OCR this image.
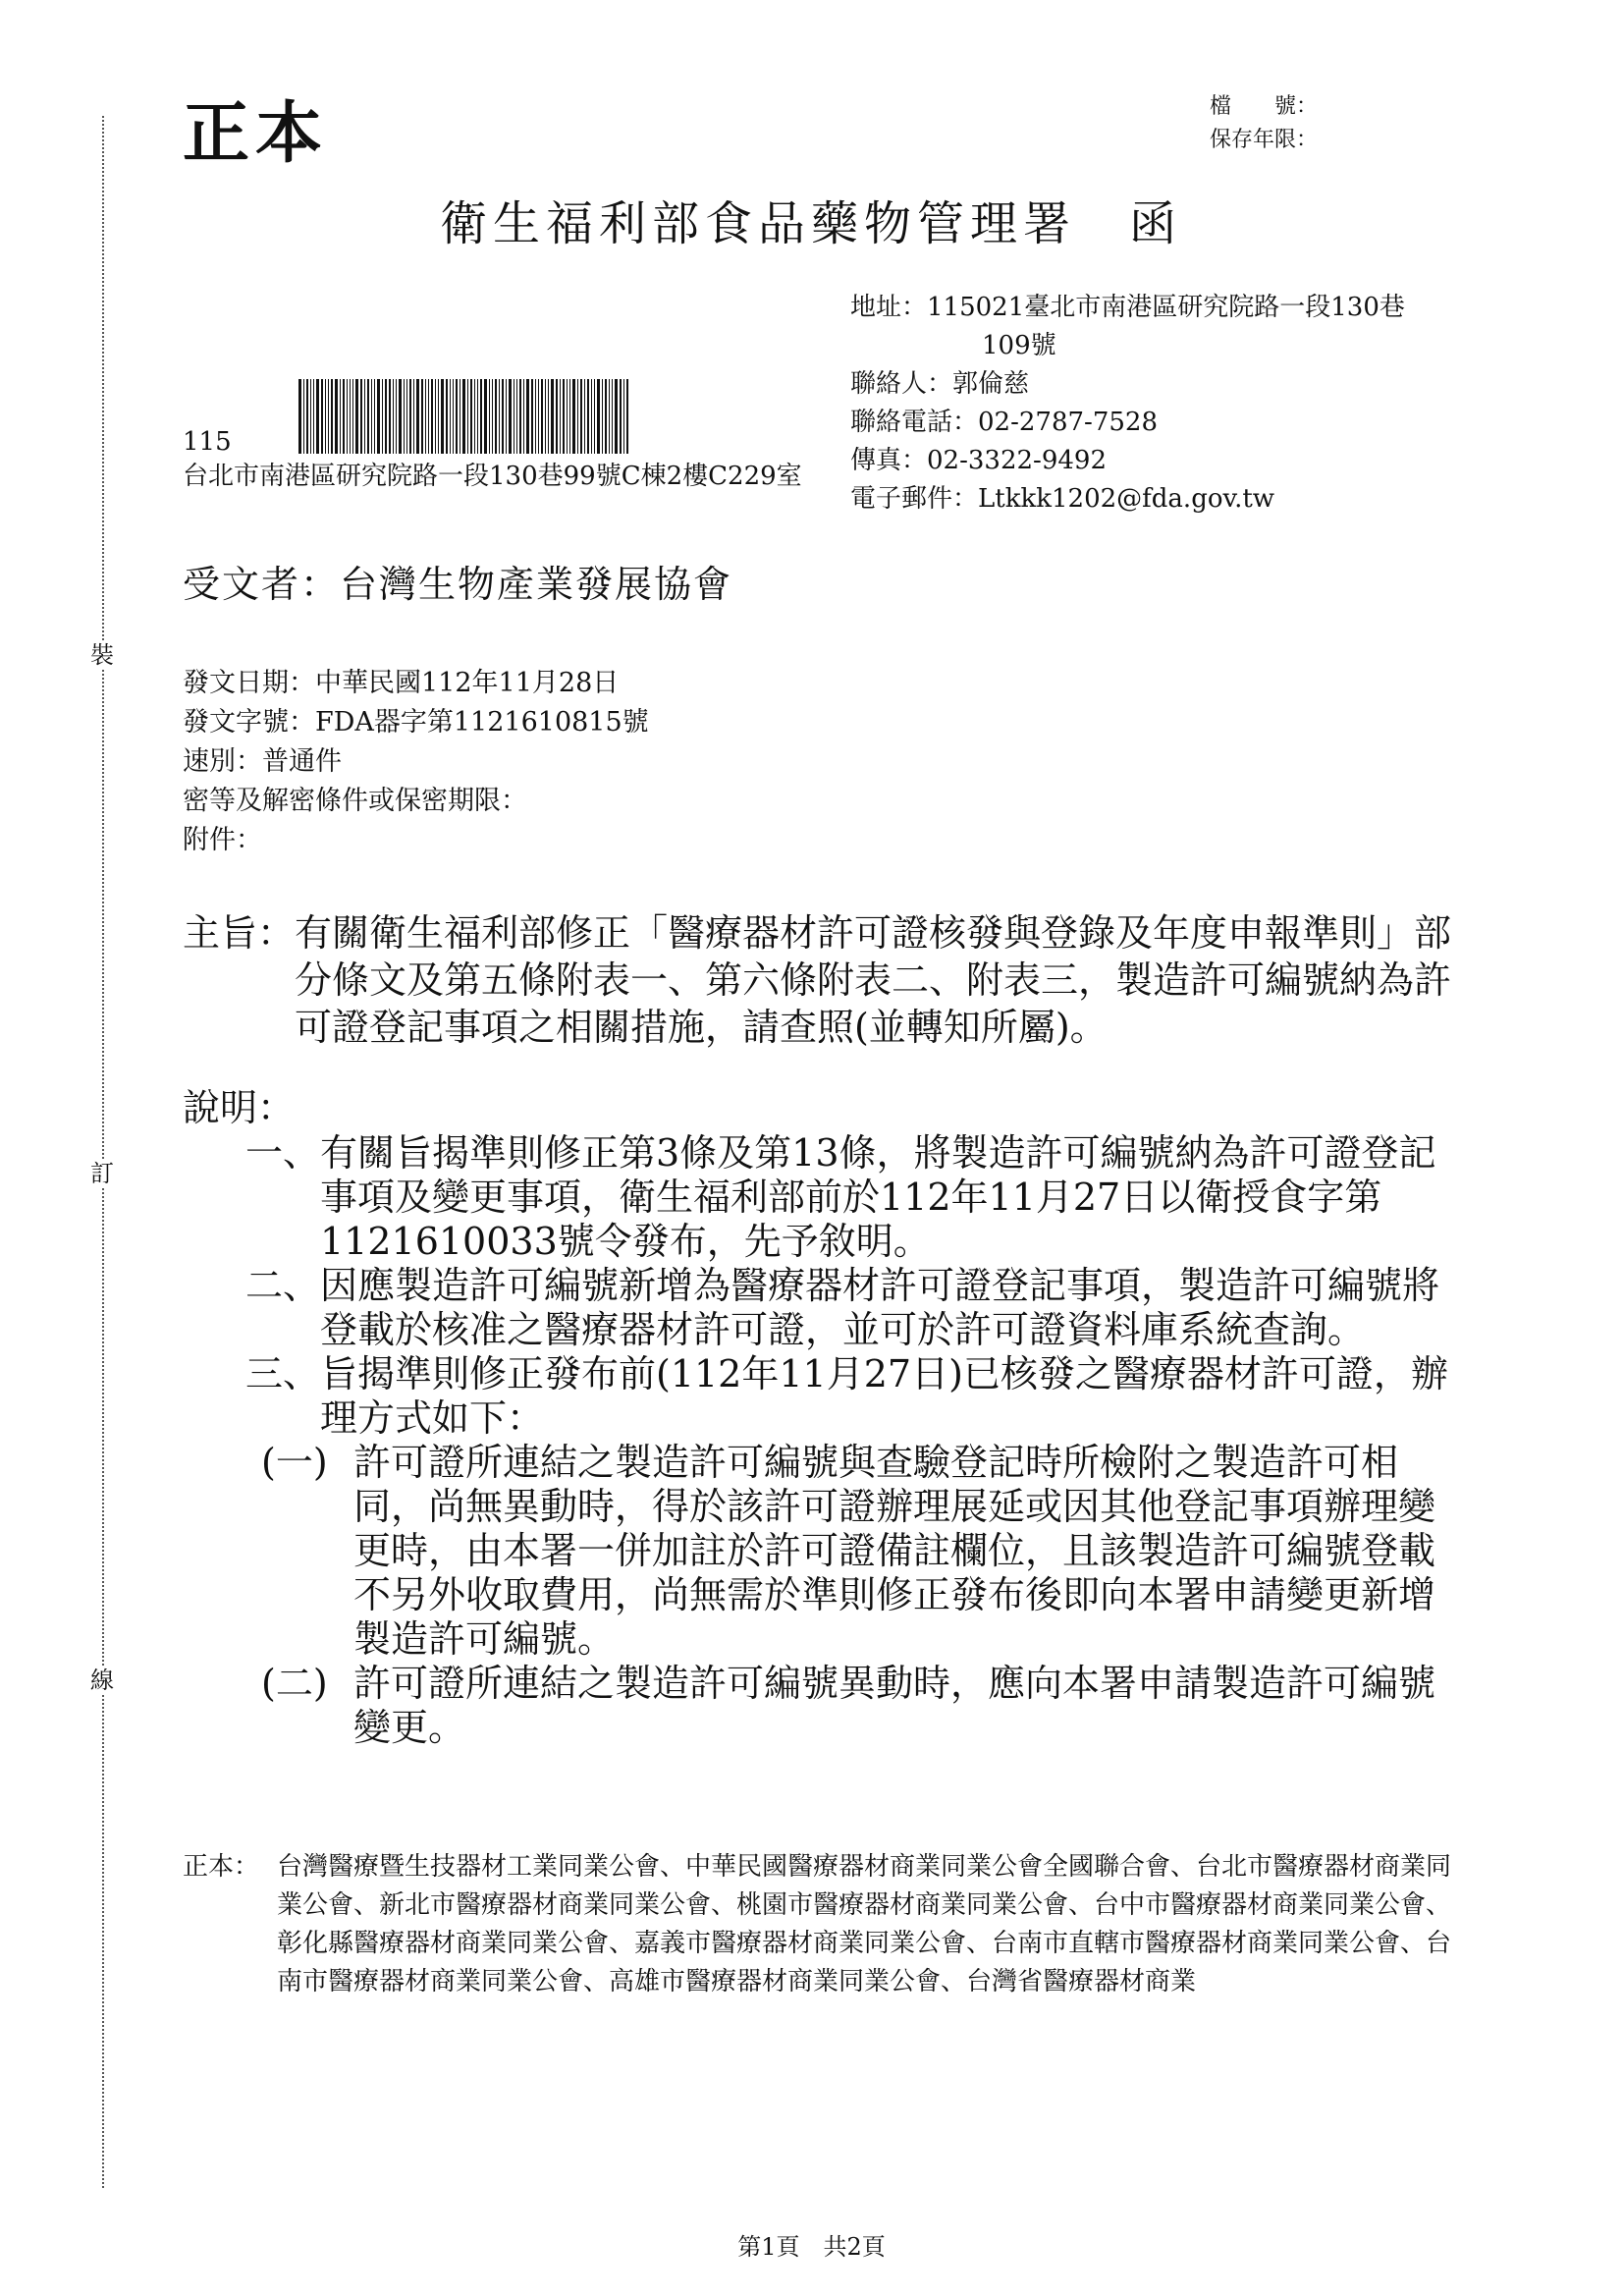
裝
訂
線
正本	檔　　號：
保存年限：
衛生福利部食品藥物管理署　函
地址： 115021臺北市南港區研究院路一段130巷
109號
聯絡人： 郭倫慈
聯絡電話： 02-2787-7528
傳真： 02-3322-9492
電子郵件： Ltkkk1202@fda.gov.tw
115
台北市南港區研究院路一段130巷99號C棟2樓C229室
受文者：台灣生物產業發展協會
發文日期：中華民國112年11月28日
發文字號：FDA器字第1121610815號
速別：普通件
密等及解密條件或保密期限：
附件：
主旨： 有關衛生福利部修正「醫療器材許可證核發與登錄及年度申報準則」部分條文及第五條附表一、第六條附表二、附表三，製造許可編號納為許可證登記事項之相關措施，請查照(並轉知所屬)。
說明：
一、 有關旨揭準則修正第3條及第13條，將製造許可編號納為許可證登記事項及變更事項，衛生福利部前於112年11月27日以衛授食字第1121610033號令發布，先予敘明。
二、 因應製造許可編號新增為醫療器材許可證登記事項，製造許可編號將登載於核准之醫療器材許可證，並可於許可證資料庫系統查詢。
三、 旨揭準則修正發布前(112年11月27日)已核發之醫療器材許可證，辦理方式如下：
(一) 許可證所連結之製造許可編號與查驗登記時所檢附之製造許可相同，尚無異動時，得於該許可證辦理展延或因其他登記事項辦理變更時，由本署一併加註於許可證備註欄位，且該製造許可編號登載不另外收取費用，尚無需於準則修正發布後即向本署申請變更新增製造許可編號。
(二) 許可證所連結之製造許可編號異動時，應向本署申請製造許可編號變更。
正本： 台灣醫療暨生技器材工業同業公會、中華民國醫療器材商業同業公會全國聯合會、台北市醫療器材商業同業公會、新北市醫療器材商業同業公會、桃園市醫療器材商業同業公會、台中市醫療器材商業同業公會、彰化縣醫療器材商業同業公會、嘉義市醫療器材商業同業公會、台南市直轄市醫療器材商業同業公會、台南市醫療器材商業同業公會、高雄市醫療器材商業同業公會、台灣省醫療器材商業
第1頁　共2頁
